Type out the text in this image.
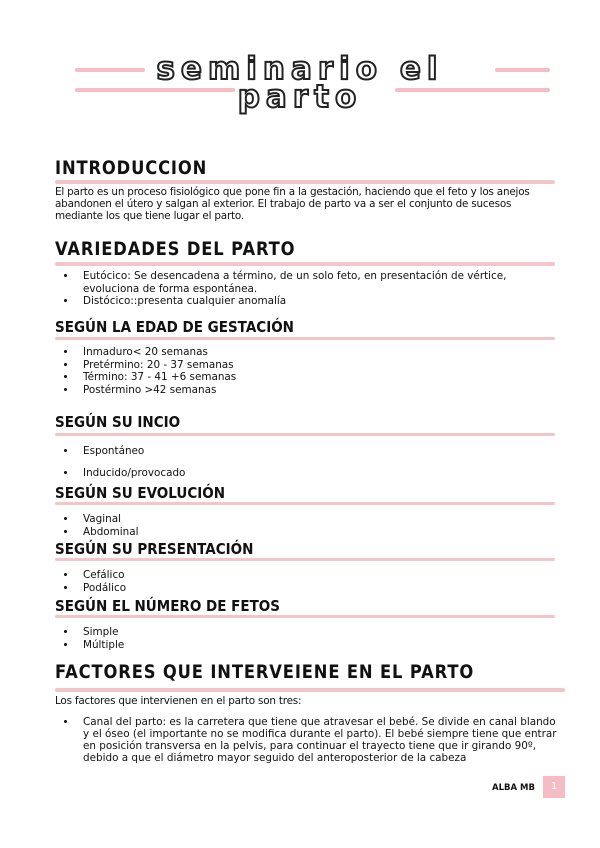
seminario el
parto
INTRODUCCION
El parto es un proceso fisiológico que pone fin a la gestación, haciendo que el feto y los anejos abandonen el útero y salgan al exterior. El trabajo de parto va a ser el conjunto de sucesos mediante los que tiene lugar el parto.
VARIEDADES DEL PARTO
• Eutócico: Se desencadena a término, de un solo feto, en presentación de vértice, evoluciona de forma espontánea.
• Distócico::presenta cualquier anomalía
SEGÚN LA EDAD DE GESTACIÓN
• Inmaduro< 20 semanas
• Pretérmino: 20 - 37 semanas
• Término: 37 - 41 +6 semanas
• Postérmino >42 semanas
SEGÚN SU INCIO
• Espontáneo
• Inducido/provocado
SEGÚN SU EVOLUCIÓN
• Vaginal
• Abdominal
SEGÚN SU PRESENTACIÓN
• Cefálico
• Podálico
SEGÚN EL NÚMERO DE FETOS
• Simple
• Múltiple
FACTORES QUE INTERVEIENE EN EL PARTO
Los factores que intervienen en el parto son tres:
• Canal del parto: es la carretera que tiene que atravesar el bebé. Se divide en canal blando y el óseo (el importante no se modifica durante el parto). El bebé siempre tiene que entrar en posición transversa en la pelvis, para continuar el trayecto tiene que ir girando 90º, debido a que el diámetro mayor seguido del anteroposterior de la cabeza
ALBA MB	1
